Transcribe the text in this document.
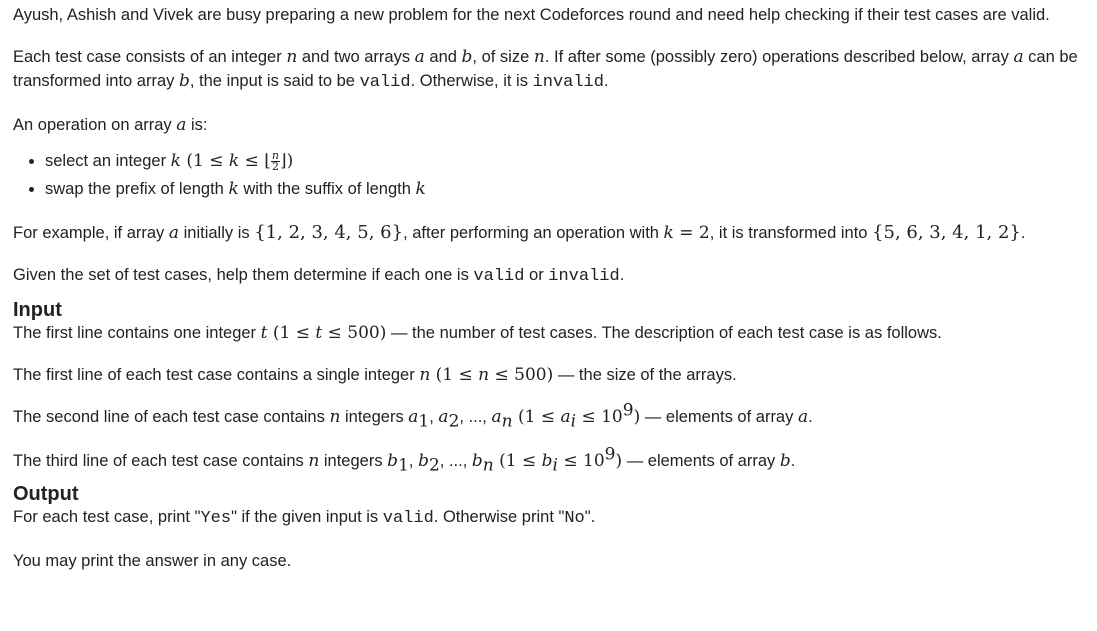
Ayush, Ashish and Vivek are busy preparing a new problem for the next Codeforces round and need help checking if their test cases are valid.

Each test case consists of an integer n and two arrays a and b, of size n. If after some (possibly zero) operations described below, array a can be transformed into array b, the input is said to be valid. Otherwise, it is invalid.

An operation on array a is:

• select an integer k (1 ≤ k ≤ ⌊ $\frac{n}{2}$ ⌋)
• swap the prefix of length k with the suffix of length k

For example, if array a initially is {1, 2, 3, 4, 5, 6}, after performing an operation with k = 2, it is transformed into {5, 6, 3, 4, 1, 2}.

Given the set of test cases, help them determine if each one is valid or invalid.

Input

The first line contains one integer t (1 ≤ t ≤ 500) — the number of test cases. The description of each test case is as follows.

The first line of each test case contains a single integer n (1 ≤ n ≤ 500) — the size of the arrays.

The second line of each test case contains n integers $a_1$, $a_2$, ..., $a_n$ $(1 \le a_i \le 10^9)$ — elements of array a.

The third line of each test case contains n integers $b_1$, $b_2$, ..., $b_n$ $(1 \le b_i \le 10^9)$ — elements of array b.

Output

For each test case, print "Yes" if the given input is valid. Otherwise print "No".

You may print the answer in any case.
